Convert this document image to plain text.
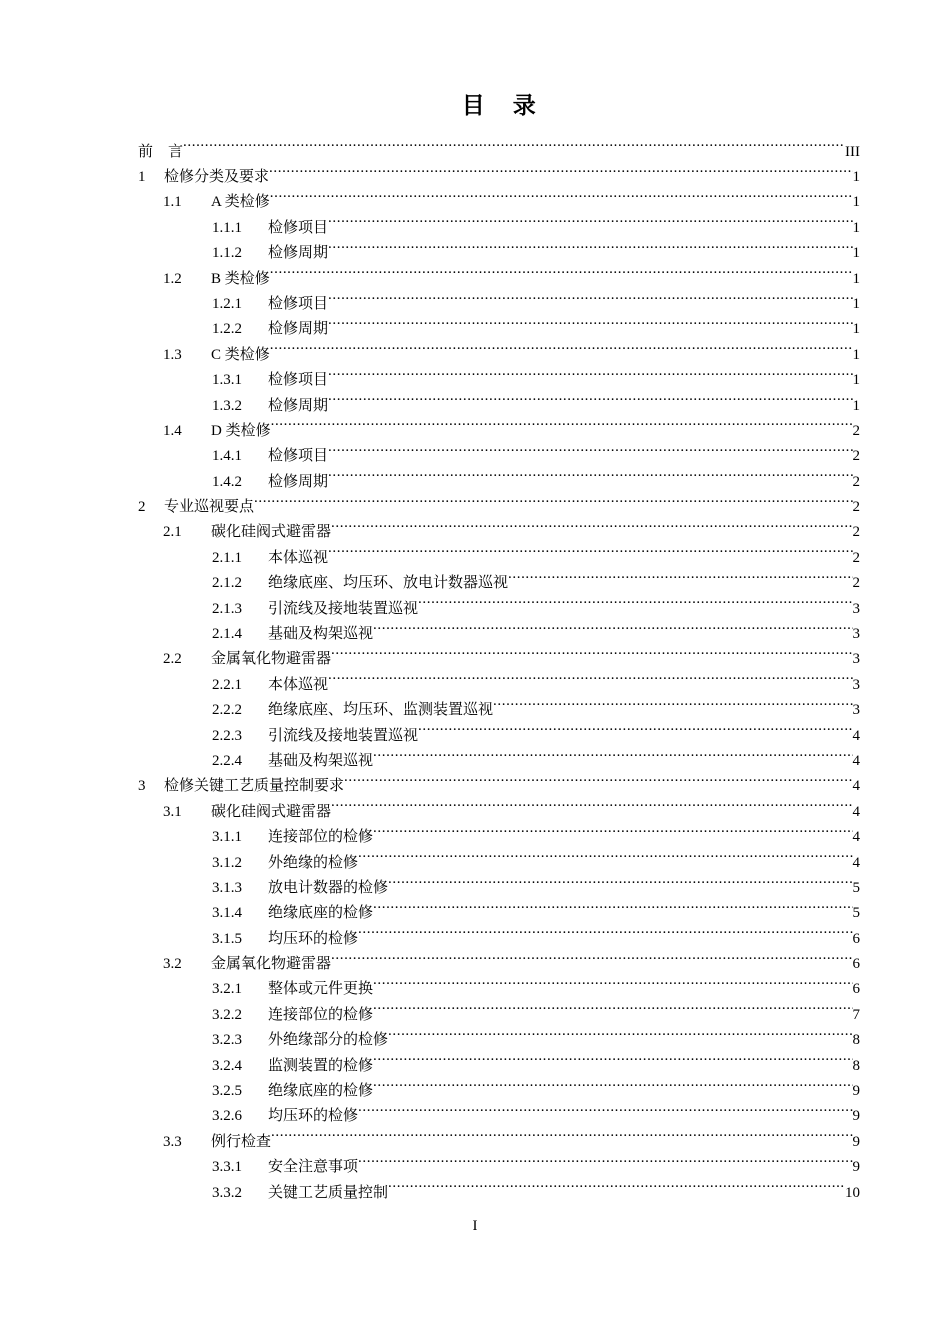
目    录
前    言 .....	III
1	检修分类及要求 .....	1
1.1	A 类检修 .....	1
1.1.1	检修项目 .....	1
1.1.2	检修周期 .....	1
1.2	B 类检修 .....	1
1.2.1	检修项目 .....	1
1.2.2	检修周期 .....	1
1.3	C 类检修 .....	1
1.3.1	检修项目 .....	1
1.3.2	检修周期 .....	1
1.4	D 类检修 .....	2
1.4.1	检修项目 .....	2
1.4.2	检修周期 .....	2
2	专业巡视要点 .....	2
2.1	碳化硅阀式避雷器 .....	2
2.1.1	本体巡视 .....	2
2.1.2	绝缘底座、均压环、放电计数器巡视 .....	2
2.1.3	引流线及接地装置巡视 .....	3
2.1.4	基础及构架巡视 .....	3
2.2	金属氧化物避雷器 .....	3
2.2.1	本体巡视 .....	3
2.2.2	绝缘底座、均压环、监测装置巡视 .....	3
2.2.3	引流线及接地装置巡视 .....	4
2.2.4	基础及构架巡视 .....	4
3	检修关键工艺质量控制要求 .....	4
3.1	碳化硅阀式避雷器 .....	4
3.1.1	连接部位的检修 .....	4
3.1.2	外绝缘的检修 .....	4
3.1.3	放电计数器的检修 .....	5
3.1.4	绝缘底座的检修 .....	5
3.1.5	均压环的检修 .....	6
3.2	金属氧化物避雷器 .....	6
3.2.1	整体或元件更换 .....	6
3.2.2	连接部位的检修 .....	7
3.2.3	外绝缘部分的检修 .....	8
3.2.4	监测装置的检修 .....	8
3.2.5	绝缘底座的检修 .....	9
3.2.6	均压环的检修 .....	9
3.3	例行检查 .....	9
3.3.1	安全注意事项 .....	9
3.3.2	关键工艺质量控制 .....	10
I
